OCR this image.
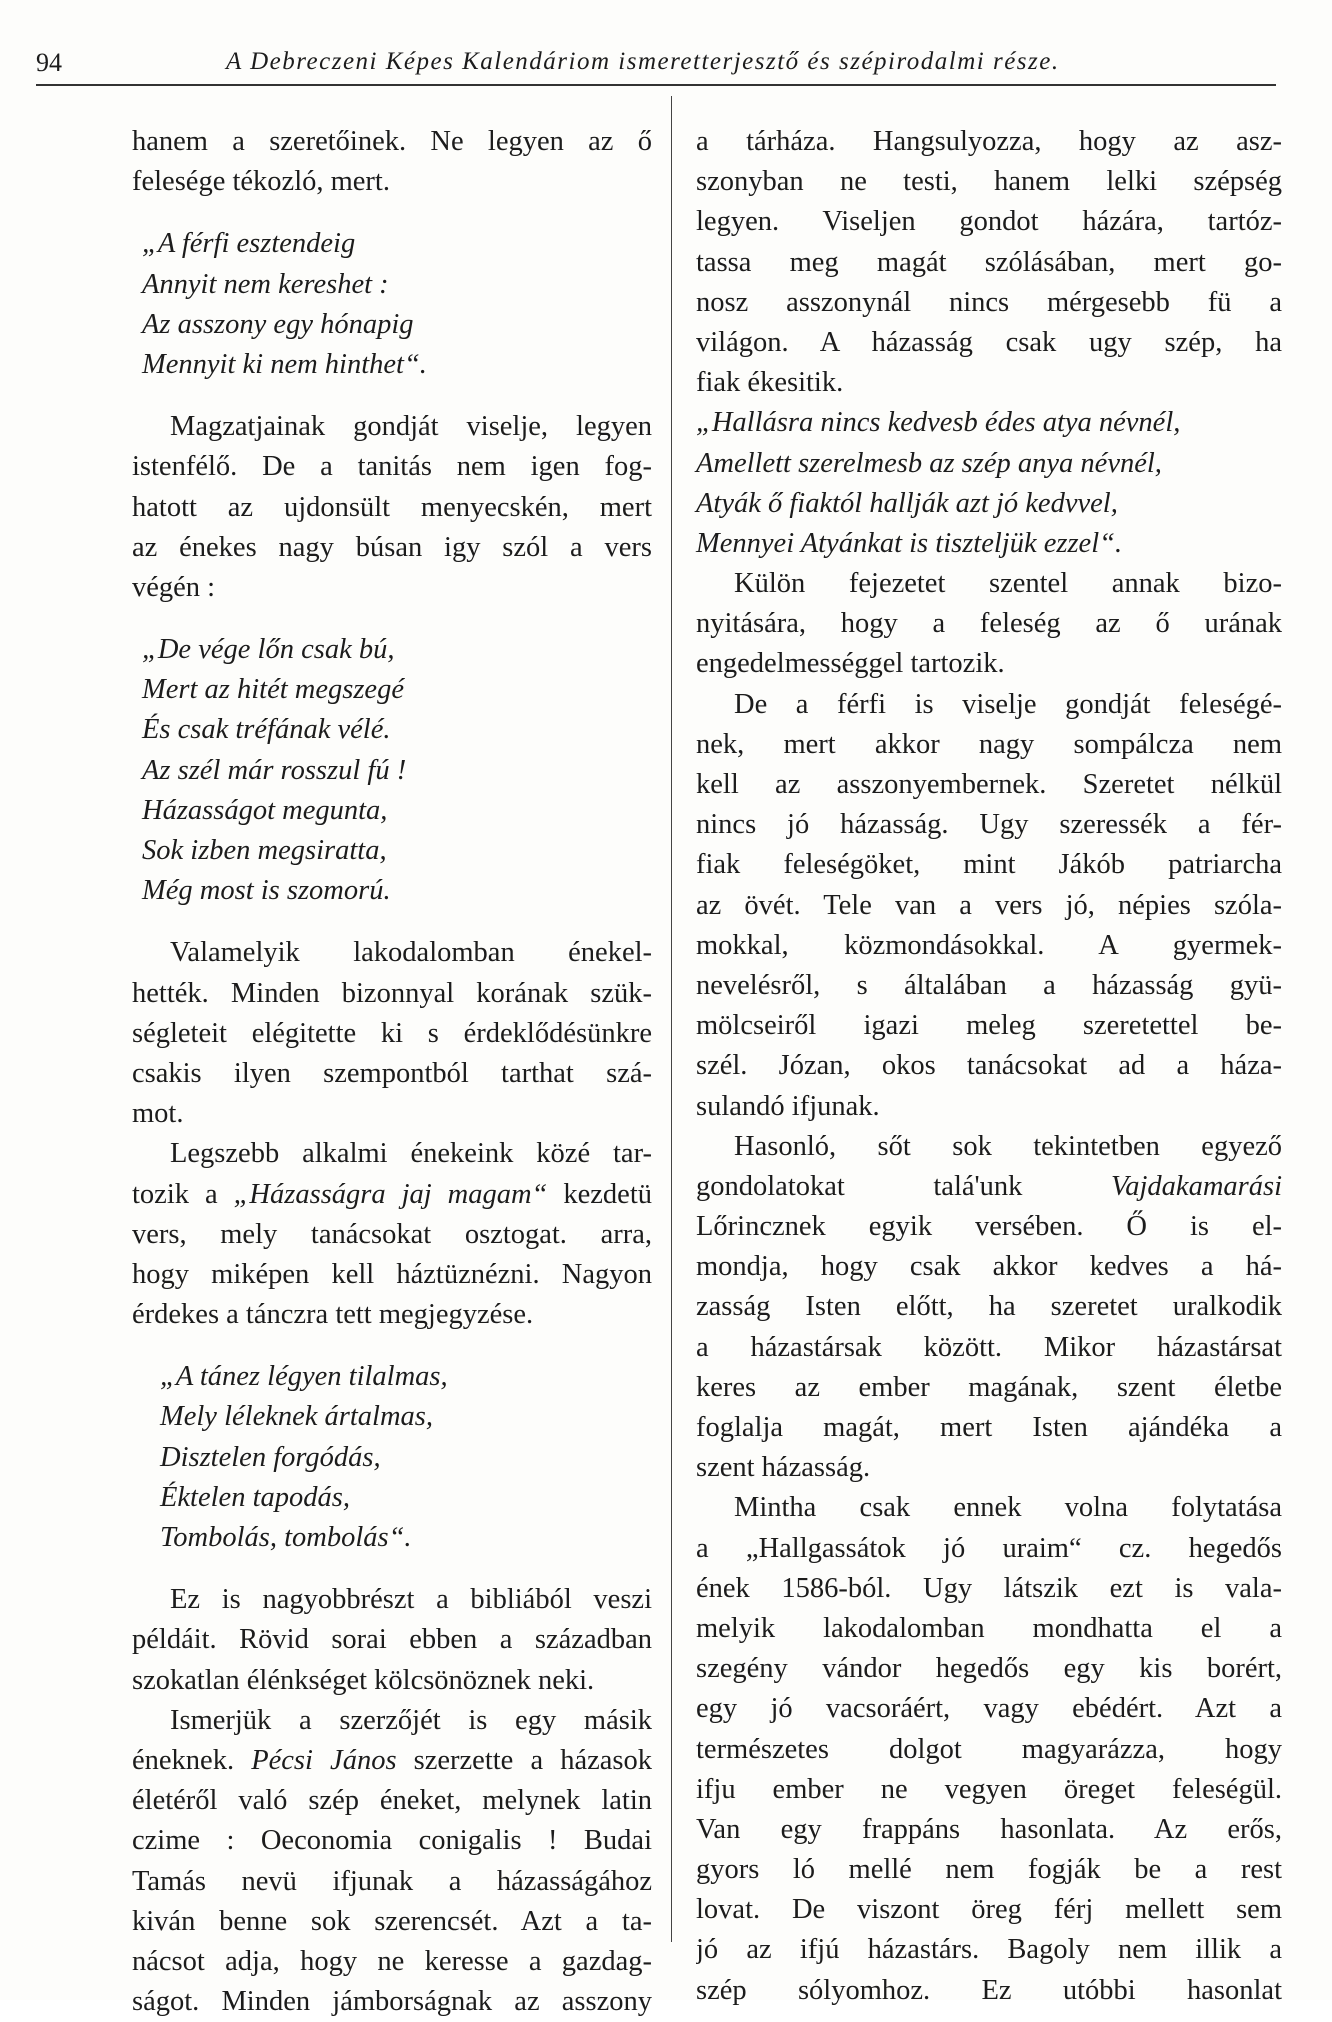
94	A Debreczeni Képes Kalendáriom ismeretterjesztő és szépirodalmi része.
hanem a szeretőinek. Ne legyen az ő
felesége tékozló, mert.
„A férfi esztendeig
Annyit nem kereshet :
Az asszony egy hónapig
Mennyit ki nem hinthet“.
Magzatjainak gondját viselje, legyen
istenfélő. De a tanitás nem igen fog-
hatott az ujdonsült menyecskén, mert
az énekes nagy búsan igy szól a vers
végén :
„De vége lőn csak bú,
Mert az hitét megszegé
És csak tréfának vélé.
Az szél már rosszul fú !
Házasságot megunta,
Sok izben megsiratta,
Még most is szomorú.
Valamelyik lakodalomban énekel-
hették. Minden bizonnyal korának szük-
ségleteit elégitette ki s érdeklődésünkre
csakis ilyen szempontból tarthat szá-
mot.
Legszebb alkalmi énekeink közé tar-
tozik a „Házasságra jaj magam“ kezdetü
vers, mely tanácsokat osztogat. arra,
hogy miképen kell háztüznézni. Nagyon
érdekes a tánczra tett megjegyzése.
„A tánez légyen tilalmas,
Mely léleknek ártalmas,
Disztelen forgódás,
Éktelen tapodás,
Tombolás, tombolás“.
Ez is nagyobbrészt a bibliából veszi
példáit. Rövid sorai ebben a században
szokatlan élénkséget kölcsönöznek neki.
Ismerjük a szerzőjét is egy másik
éneknek. Pécsi János szerzette a házasok
életéről való szép éneket, melynek latin
czime : Oeconomia conigalis ! Budai
Tamás nevü ifjunak a házasságához
kiván benne sok szerencsét. Azt a ta-
nácsot adja, hogy ne keresse a gazdag-
ságot. Minden jámborságnak az asszony
a tárháza. Hangsulyozza, hogy az asz-
szonyban ne testi, hanem lelki szépség
legyen. Viseljen gondot házára, tartóz-
tassa meg magát szólásában, mert go-
nosz asszonynál nincs mérgesebb fü a
világon. A házasság csak ugy szép, ha
fiak ékesitik.
„Hallásra nincs kedvesb édes atya névnél,
Amellett szerelmesb az szép anya névnél,
Atyák ő fiaktól hallják azt jó kedvvel,
Mennyei Atyánkat is tiszteljük ezzel“.
Külön fejezetet szentel annak bizo-
nyitására, hogy a feleség az ő urának
engedelmességgel tartozik.
De a férfi is viselje gondját feleségé-
nek, mert akkor nagy sompálcza nem
kell az asszonyembernek. Szeretet nélkül
nincs jó házasság. Ugy szeressék a fér-
fiak feleségöket, mint Jákób patriarcha
az övét. Tele van a vers jó, népies szóla-
mokkal, közmondásokkal. A gyermek-
nevelésről, s általában a házasság gyü-
mölcseiről igazi meleg szeretettel be-
szél. Józan, okos tanácsokat ad a háza-
sulandó ifjunak.
Hasonló, sőt sok tekintetben egyező
gondolatokat talá'unk	Vajdakamarási
Lőrincznek egyik versében. Ő is el-
mondja, hogy csak akkor kedves a há-
zasság Isten előtt, ha szeretet uralkodik
a házastársak között. Mikor házastársat
keres az ember magának, szent életbe
foglalja magát, mert Isten ajándéka a
szent házasság.
Mintha csak ennek volna folytatása
a „Hallgassátok jó uraim“ cz. hegedős
ének 1586-ból. Ugy látszik ezt is vala-
melyik lakodalomban mondhatta el a
szegény vándor hegedős egy kis borért,
egy jó vacsoráért, vagy ebédért. Azt a
természetes dolgot magyarázza, hogy
ifju ember ne vegyen öreget feleségül.
Van egy frappáns hasonlata. Az erős,
gyors ló mellé nem fogják be a rest
lovat. De viszont öreg férj mellett sem
jó az ifjú házastárs. Bagoly nem illik a
szép sólyomhoz. Ez utóbbi hasonlat
